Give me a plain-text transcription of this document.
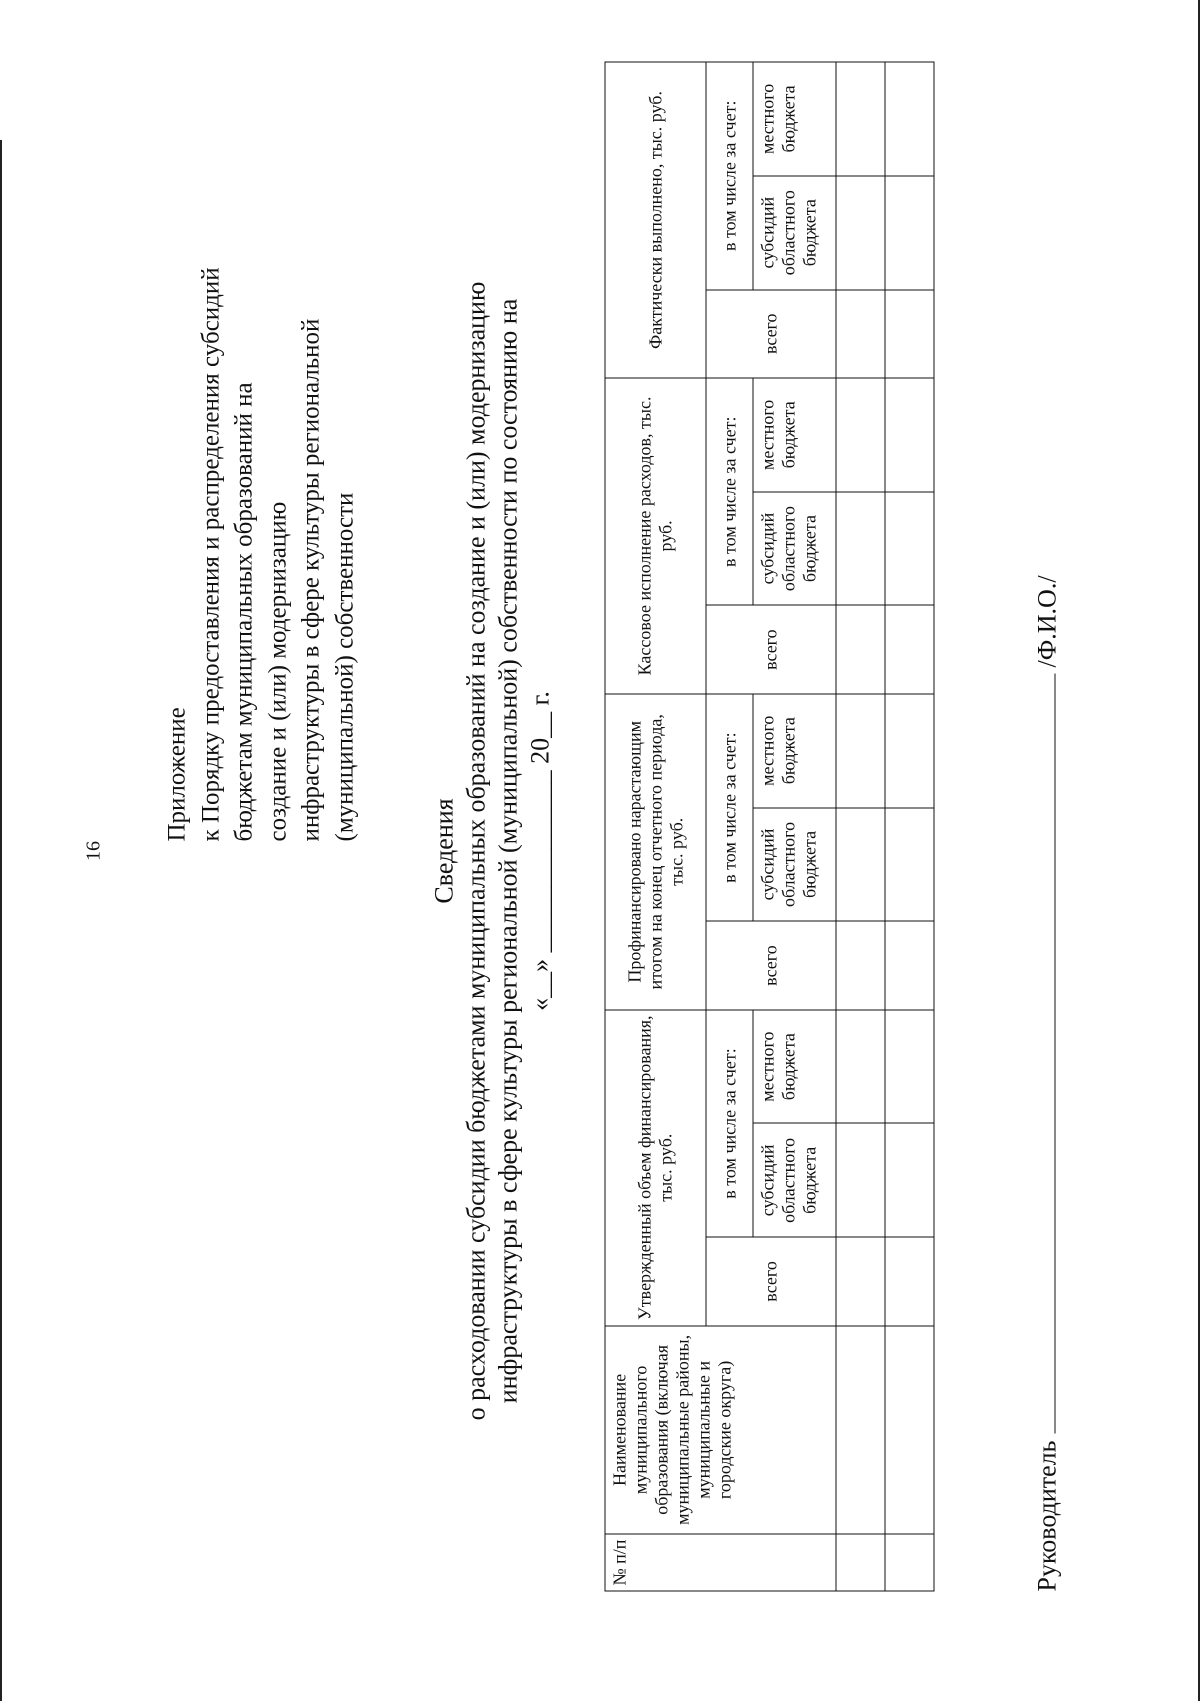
16

Приложение к Порядку предоставления и распределения субсидий бюджетам муниципальных образований на создание и (или) модернизацию инфраструктуры в сфере культуры региональной (муниципальной) собственности
Сведения о расходовании субсидии бюджетами муниципальных образований на создание и (или) модернизацию инфраструктуры в сфере культуры региональной (муниципальной) собственности по состоянию на «__» ______________ 20__ г.
№ п/п	Наименование муниципального образования (включая муниципальные районы, муниципальные и городские округа)	Утвержденный объем финансирования, тыс. руб.			Профинансировано нарастающим итогом на конец отчетного периода, тыс. руб.			Кассовое исполнение расходов, тыс. руб.			Фактически выполнено, тыс. руб.		
		всего	в том числе за счет:		всего	в том числе за счет:		всего	в том числе за счет:		всего	в том числе за счет:	
			субсидий областного бюджета	местного бюджета		субсидий областного бюджета	местного бюджета		субсидий областного бюджета	местного бюджета		субсидий областного бюджета	местного бюджета

Руководитель  /Ф.И.О./
